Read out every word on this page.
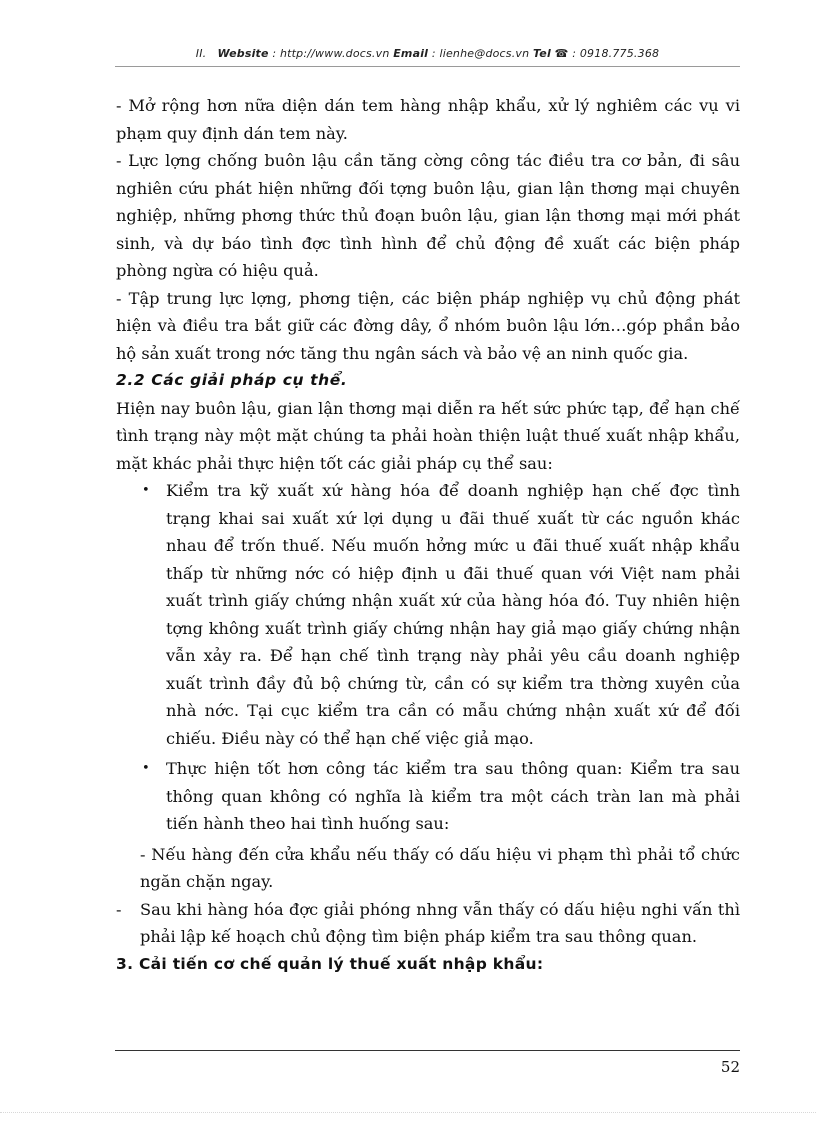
II. Website : http://www.docs.vn Email : lienhe@docs.vn Tel ☎ : 0918.775.368

- Mở rộng hơn nữa diện dán tem hàng nhập khẩu, xử lý nghiêm các vụ vi phạm quy định dán tem này.

- Lực lợng chống buôn lậu cần tăng cờng công tác điều tra cơ bản, đi sâu nghiên cứu phát hiện những đối tợng buôn lậu, gian lận thơng mại chuyên nghiệp, những phơng thức thủ đoạn buôn lậu, gian lận thơng mại mới phát sinh, và dự báo tình đợc tình hình để chủ động đề xuất các biện pháp phòng ngừa có hiệu quả.

- Tập trung lực lợng, phơng tiện, các biện pháp nghiệp vụ chủ động phát hiện và điều tra bắt giữ các đờng dây, ổ nhóm buôn lậu lớn…góp phần bảo hộ sản xuất trong nớc tăng thu ngân sách và bảo vệ an ninh quốc gia.

2.2 Các giải pháp cụ thể.

Hiện nay buôn lậu, gian lận thơng mại diễn ra hết sức phức tạp, để hạn chế tình trạng này một mặt chúng ta phải hoàn thiện luật thuế xuất nhập khẩu, mặt khác phải thực hiện tốt các giải pháp cụ thể sau:

• Kiểm tra kỹ xuất xứ hàng hóa để doanh nghiệp hạn chế đợc tình trạng khai sai xuất xứ lợi dụng u đãi thuế xuất từ các nguồn khác nhau để trốn thuế. Nếu muốn hởng mức u đãi thuế xuất nhập khẩu thấp từ những nớc có hiệp định u đãi thuế quan với Việt nam phải xuất trình giấy chứng nhận xuất xứ của hàng hóa đó. Tuy nhiên hiện tợng không xuất trình giấy chứng nhận hay giả mạo giấy chứng nhận vẫn xảy ra. Để hạn chế tình trạng này phải yêu cầu doanh nghiệp xuất trình đầy đủ bộ chứng từ, cần có sự kiểm tra thờng xuyên của nhà nớc. Tại cục kiểm tra cần có mẫu chứng nhận xuất xứ để đối chiếu. Điều này có thể hạn chế việc giả mạo.
• Thực hiện tốt hơn công tác kiểm tra sau thông quan: Kiểm tra sau thông quan không có nghĩa là kiểm tra một cách tràn lan mà phải tiến hành theo hai tình huống sau:

- Nếu hàng đến cửa khẩu nếu thấy có dấu hiệu vi phạm thì phải tổ chức ngăn chặn ngay.

- Sau khi hàng hóa đợc giải phóng nhng vẫn thấy có dấu hiệu nghi vấn thì phải lập kế hoạch chủ động tìm biện pháp kiểm tra sau thông quan.

3. Cải tiến cơ chế quản lý thuế xuất nhập khẩu:

52
